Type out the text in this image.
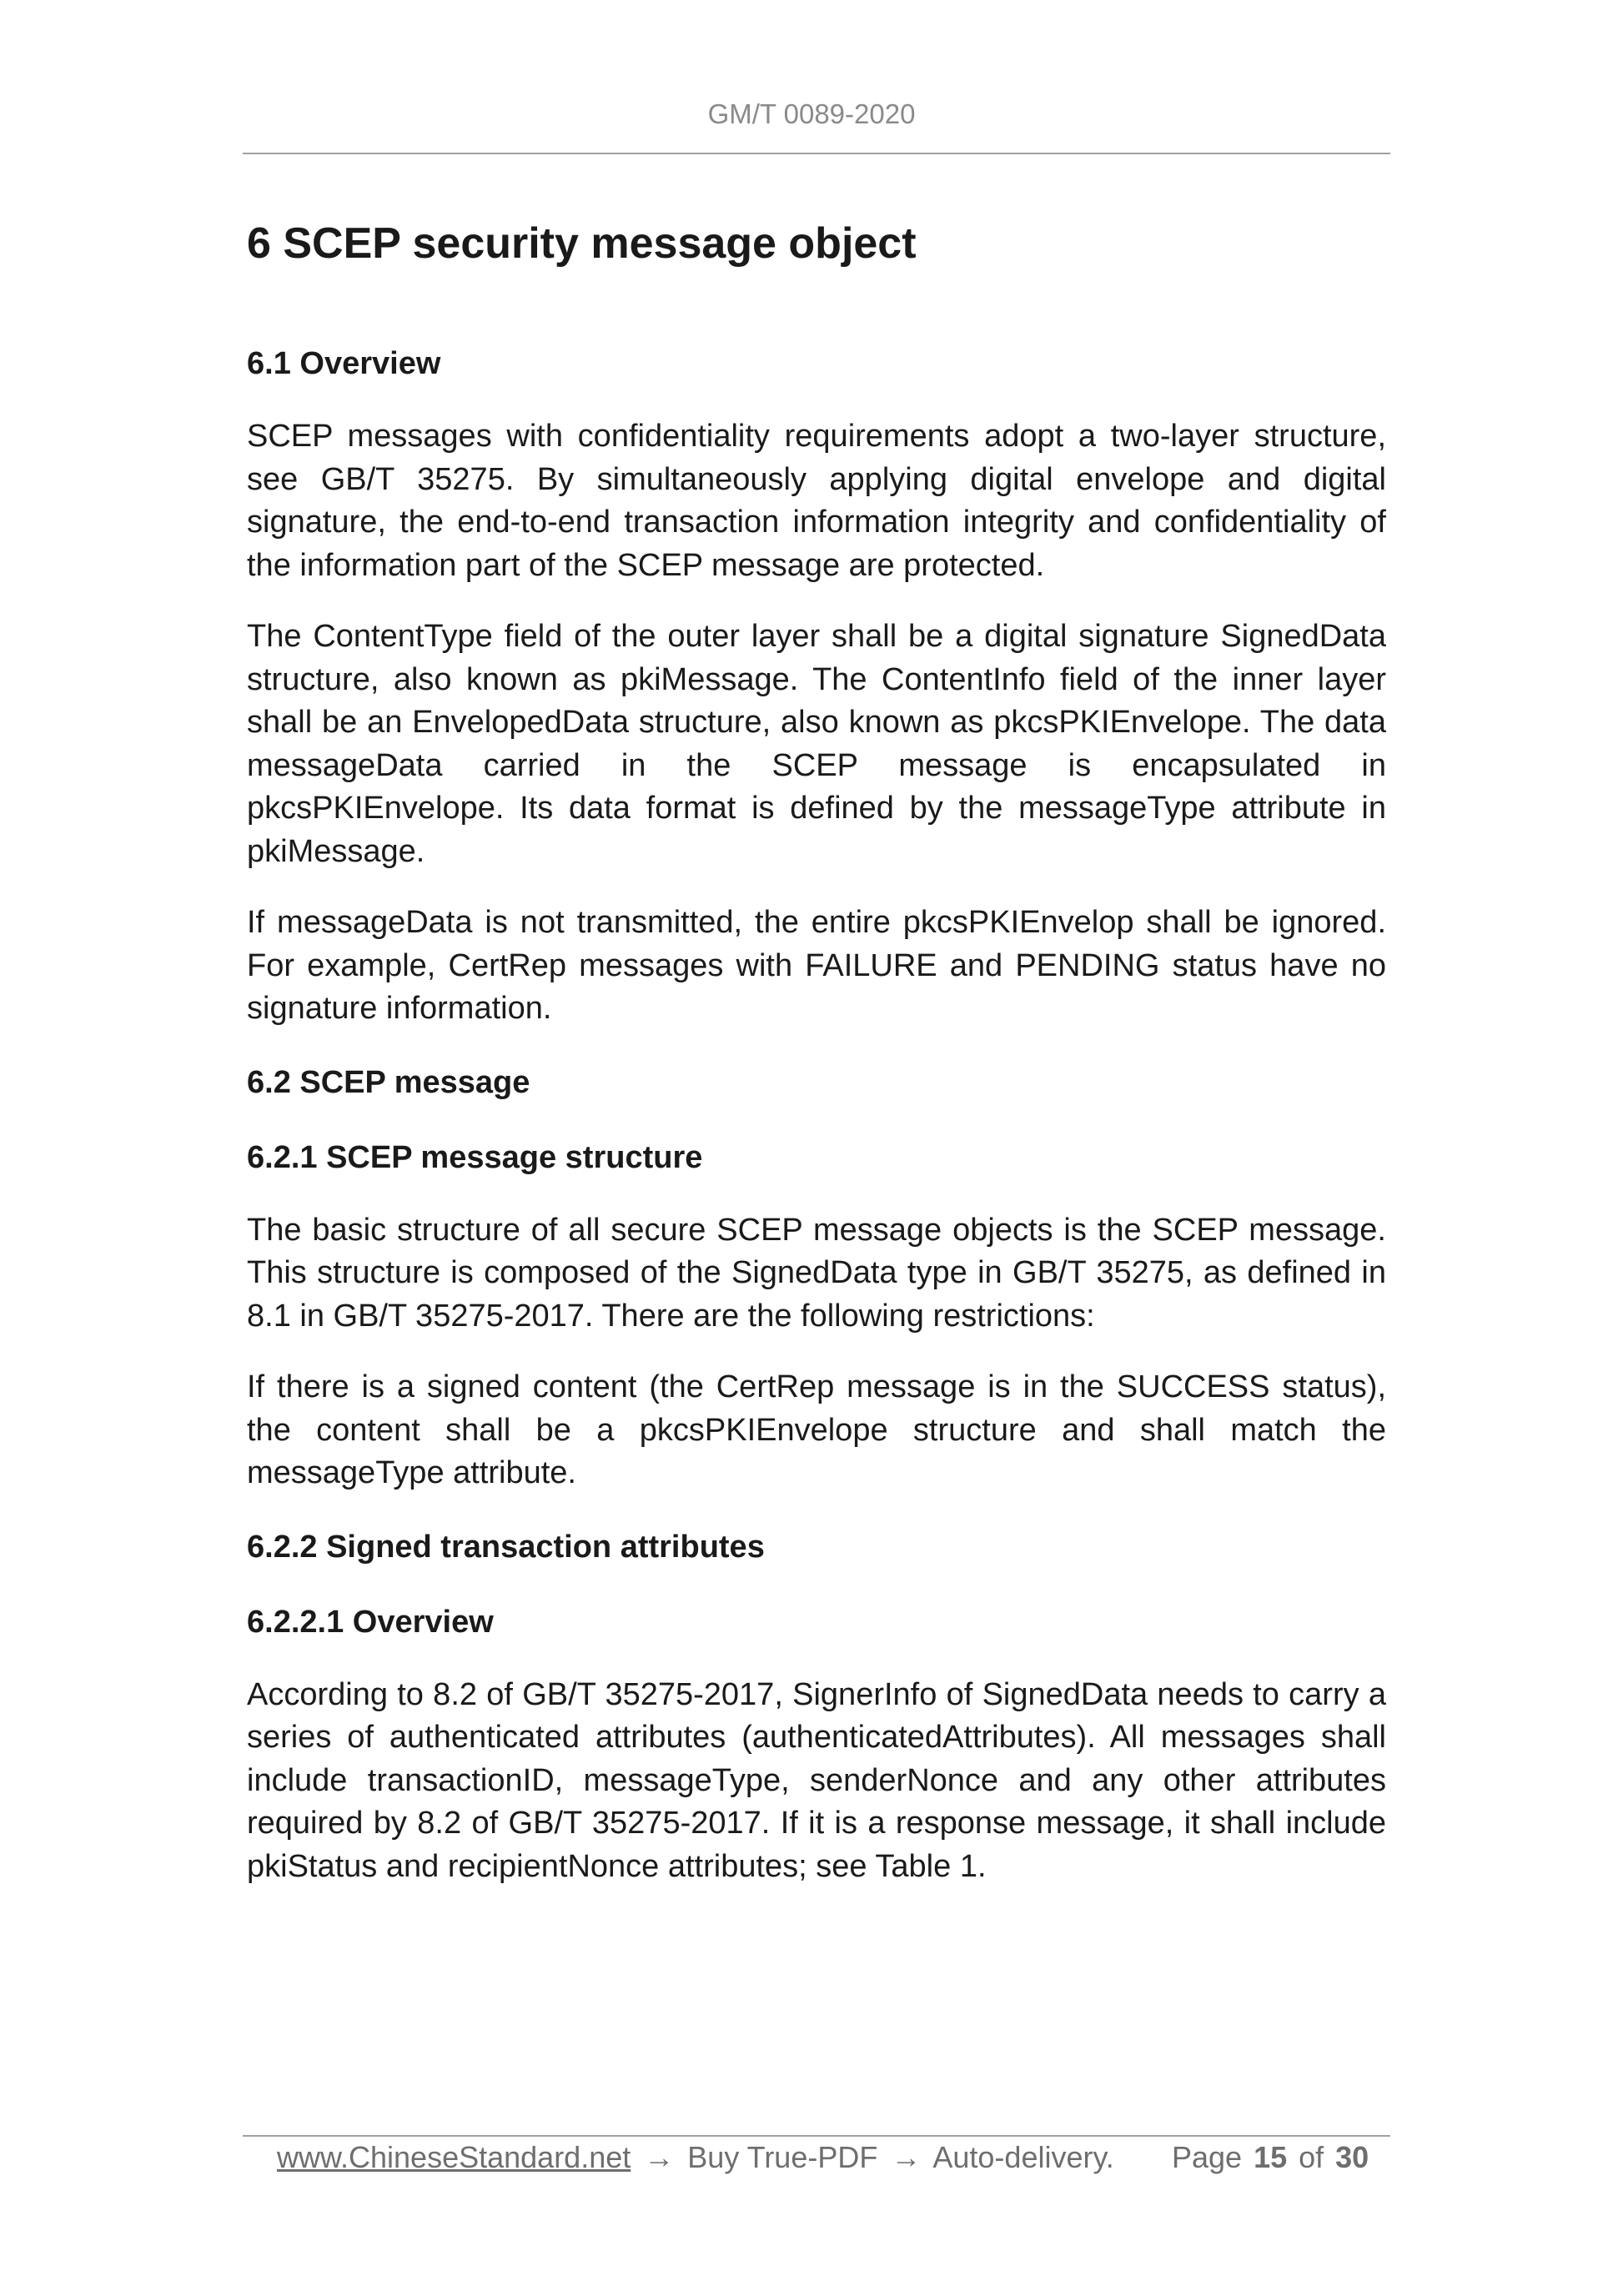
GM/T 0089-2020
6 SCEP security message object
6.1 Overview

SCEP messages with confidentiality requirements adopt a two-layer structure, see GB/T 35275. By simultaneously applying digital envelope and digital signature, the end-to-end transaction information integrity and confidentiality of the information part of the SCEP message are protected.

The ContentType field of the outer layer shall be a digital signature SignedData structure, also known as pkiMessage. The ContentInfo field of the inner layer shall be an EnvelopedData structure, also known as pkcsPKIEnvelope. The data messageData carried in the SCEP message is encapsulated in pkcsPKIEnvelope. Its data format is defined by the messageType attribute in pkiMessage.

If messageData is not transmitted, the entire pkcsPKIEnvelop shall be ignored. For example, CertRep messages with FAILURE and PENDING status have no signature information.

6.2 SCEP message
6.2.1 SCEP message structure

The basic structure of all secure SCEP message objects is the SCEP message. This structure is composed of the SignedData type in GB/T 35275, as defined in 8.1 in GB/T 35275-2017. There are the following restrictions:

If there is a signed content (the CertRep message is in the SUCCESS status), the content shall be a pkcsPKIEnvelope structure and shall match the messageType attribute.

6.2.2 Signed transaction attributes
6.2.2.1 Overview

According to 8.2 of GB/T 35275-2017, SignerInfo of SignedData needs to carry a series of authenticated attributes (authenticatedAttributes). All messages shall include transactionID, messageType, senderNonce and any other attributes required by 8.2 of GB/T 35275-2017. If it is a response message, it shall include pkiStatus and recipientNonce attributes; see Table 1.

www.ChineseStandard.net → Buy True-PDF → Auto-delivery. Page 15 of 30
